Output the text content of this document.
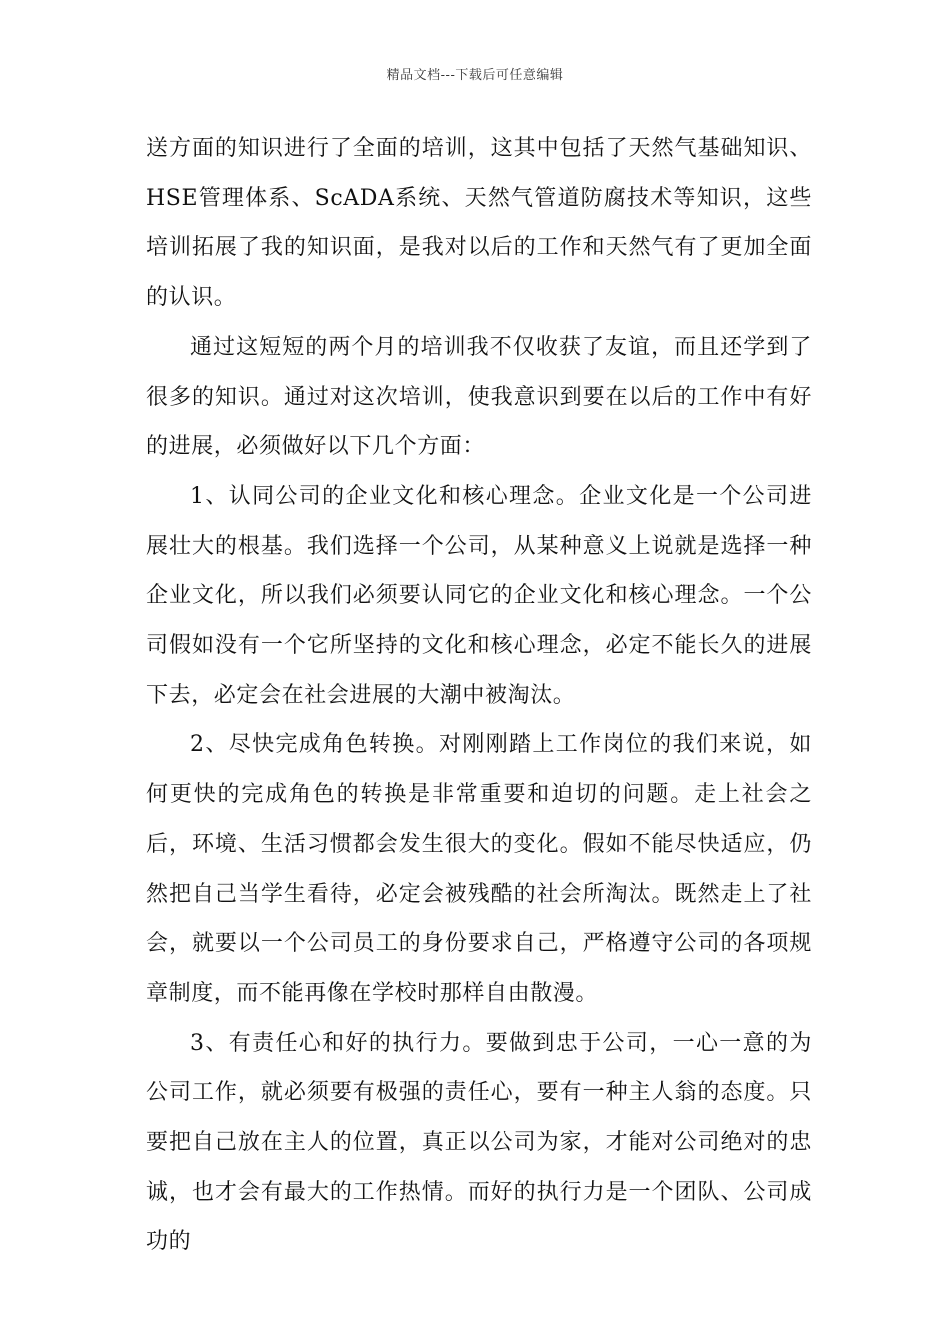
精品文档---下载后可任意编辑

送方面的知识进行了全面的培训，这其中包括了天然气基础知识、HSE管理体系、ScADA系统、天然气管道防腐技术等知识，这些培训拓展了我的知识面，是我对以后的工作和天然气有了更加全面的认识。

通过这短短的两个月的培训我不仅收获了友谊，而且还学到了很多的知识。通过对这次培训，使我意识到要在以后的工作中有好的进展，必须做好以下几个方面：

1、认同公司的企业文化和核心理念。企业文化是一个公司进展壮大的根基。我们选择一个公司，从某种意义上说就是选择一种企业文化，所以我们必须要认同它的企业文化和核心理念。一个公司假如没有一个它所坚持的文化和核心理念，必定不能长久的进展下去，必定会在社会进展的大潮中被淘汰。

2、尽快完成角色转换。对刚刚踏上工作岗位的我们来说，如何更快的完成角色的转换是非常重要和迫切的问题。走上社会之后，环境、生活习惯都会发生很大的变化。假如不能尽快适应，仍然把自己当学生看待，必定会被残酷的社会所淘汰。既然走上了社会，就要以一个公司员工的身份要求自己，严格遵守公司的各项规章制度，而不能再像在学校时那样自由散漫。

3、有责任心和好的执行力。要做到忠于公司，一心一意的为公司工作，就必须要有极强的责任心，要有一种主人翁的态度。只要把自己放在主人的位置，真正以公司为家，才能对公司绝对的忠诚，也才会有最大的工作热情。而好的执行力是一个团队、公司成功的
